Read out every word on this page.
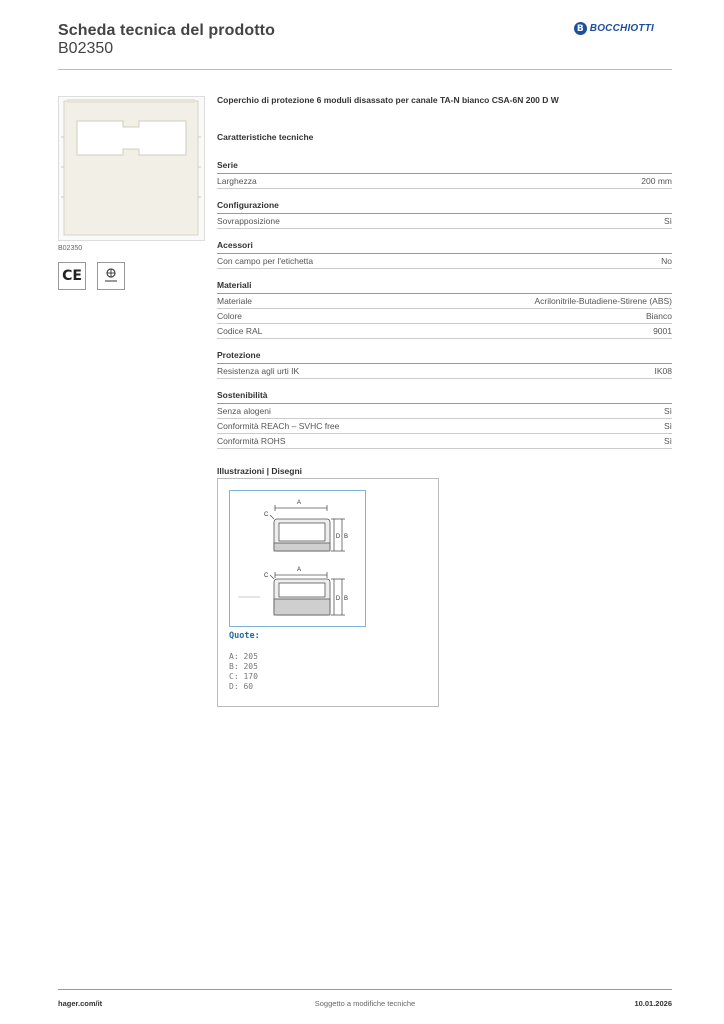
Scheda tecnica del prodotto
B02350
B BOCCHIOTTI
B02350
CE
Coperchio di protezione 6 moduli disassato per canale TA-N bianco CSA-6N 200 D W
Caratteristiche tecniche
Serie
Larghezza	200 mm
Configurazione
Sovrapposizione	Sì
Acessori
Con campo per l'etichetta	No
Materiali
Materiale	Acrilonitrile-Butadiene-Stirene (ABS)
Colore	Bianco
Codice RAL	9001
Protezione
Resistenza agli urti IK	IK08
Sostenibilità
Senza alogeni	Sì
Conformità REACh – SVHC free	Sì
Conformità ROHS	Sì
Illustrazioni | Disegni
A
C
D B
A
C
D B
Quote:
A: 205
B: 205
C: 170
D: 60
hager.com/it	Soggetto a modifiche tecniche	10.01.2026
